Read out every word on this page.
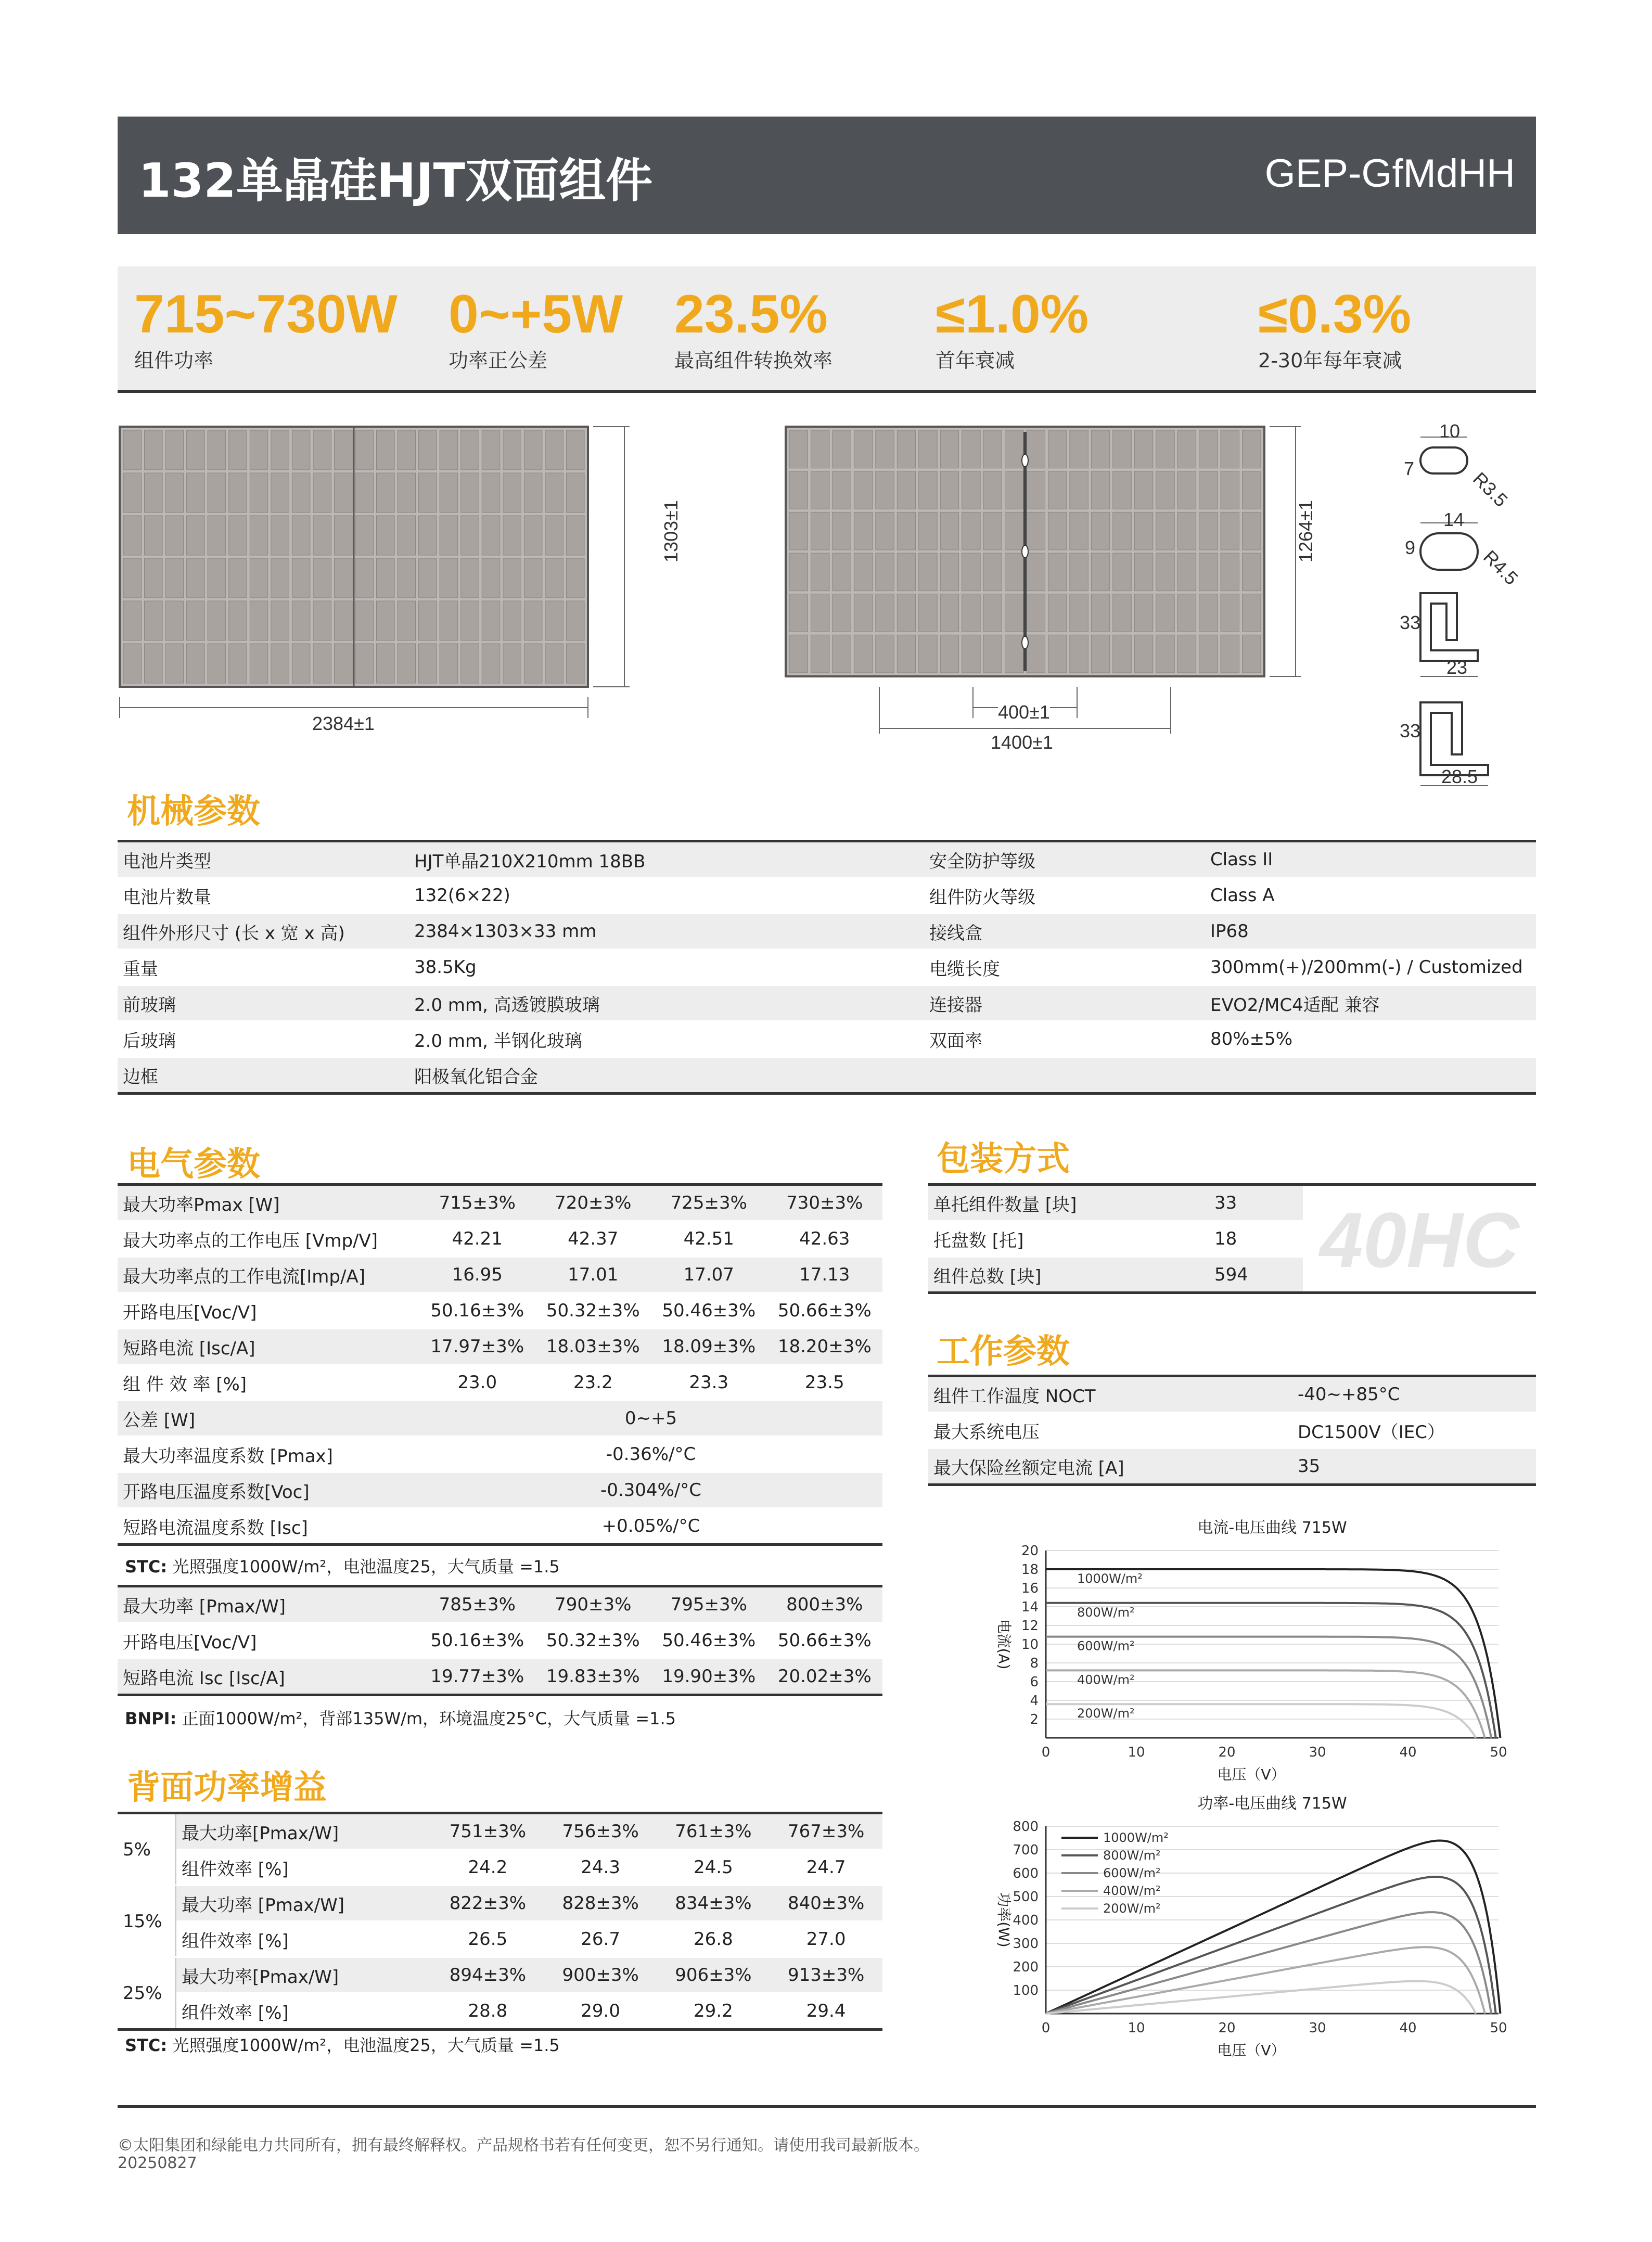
132单晶硅HJT双面组件	GEP-GfMdHH
715~730W
组件功率
0~+5W
功率正公差
23.5%
最高组件转换效率
≤1.0%
首年衰减
≤0.3%
2-30年每年衰减
1303±1
2384±1
1264±1
400±1
1400±1
10
7	R3.5
14
9	R4.5
33
23
33
28.5
机械参数
电池片类型	HJT单晶210X210mm 18BB	安全防护等级	Class II
电池片数量	132(6×22)	组件防火等级	Class A
组件外形尺寸 (长 x 宽 x 高)	2384×1303×33 mm	接线盒	IP68
重量	38.5Kg	电缆长度	300mm(+)/200mm(-) / Customized
前玻璃	2.0 mm, 高透镀膜玻璃	连接器	EVO2/MC4适配 兼容
后玻璃	2.0 mm, 半钢化玻璃	双面率	80%±5%
边框	阳极氧化铝合金		
电气参数
最大功率Pmax [W]	715±3%	720±3%	725±3%	730±3%
最大功率点的工作电压 [Vmp/V]	42.21	42.37	42.51	42.63
最大功率点的工作电流[Imp/A]	16.95	17.01	17.07	17.13
开路电压[Voc/V]	50.16±3%	50.32±3%	50.46±3%	50.66±3%
短路电流 [Isc/A]	17.97±3%	18.03±3%	18.09±3%	18.20±3%
组 件 效 率 [%]	23.0	23.2	23.3	23.5
公差 [W]	0~+5			
最大功率温度系数 [Pmax]	-0.36%/°C			
开路电压温度系数[Voc]	-0.304%/°C			
短路电流温度系数 [Isc]	+0.05%/°C			
STC: 光照强度1000W/m²，电池温度25，大气质量 =1.5
最大功率 [Pmax/W]	785±3%	790±3%	795±3%	800±3%
开路电压[Voc/V]	50.16±3%	50.32±3%	50.46±3%	50.66±3%
短路电流 Isc [Isc/A]	19.77±3%	19.83±3%	19.90±3%	20.02±3%
BNPI: 正面1000W/m²，背部135W/m，环境温度25°C，大气质量 =1.5
背面功率增益
5%	最大功率[Pmax/W]	751±3%	756±3%	761±3%	767±3%
	组件效率 [%]	24.2	24.3	24.5	24.7
15%	最大功率 [Pmax/W]	822±3%	828±3%	834±3%	840±3%
	组件效率 [%]	26.5	26.7	26.8	27.0
25%	最大功率[Pmax/W]	894±3%	900±3%	906±3%	913±3%
	组件效率 [%]	28.8	29.0	29.2	29.4
STC: 光照强度1000W/m²，电池温度25，大气质量 =1.5
包装方式
单托组件数量 [块]	33
托盘数 [托]	18
组件总数 [块]	594 40HC
工作参数
组件工作温度 NOCT	-40~+85°C
最大系统电压	DC1500V（IEC）
最大保险丝额定电流 [A]	35
电流-电压曲线 715W
2
4
6
8
10
12
14
16
18
20
0	10	20	30	40	50
电压（V）
电流(A)
1000W/m²
800W/m²
600W/m²
400W/m²
200W/m²
功率-电压曲线 715W
100
200
300
400
500
600
700
800
0	10	20	30	40	50
电压（V）
功率(W)
1000W/m²
800W/m²
600W/m²
400W/m²
200W/m²
©太阳集团和绿能电力共同所有，拥有最终解释权。产品规格书若有任何变更，恕不另行通知。请使用我司最新版本。
20250827
